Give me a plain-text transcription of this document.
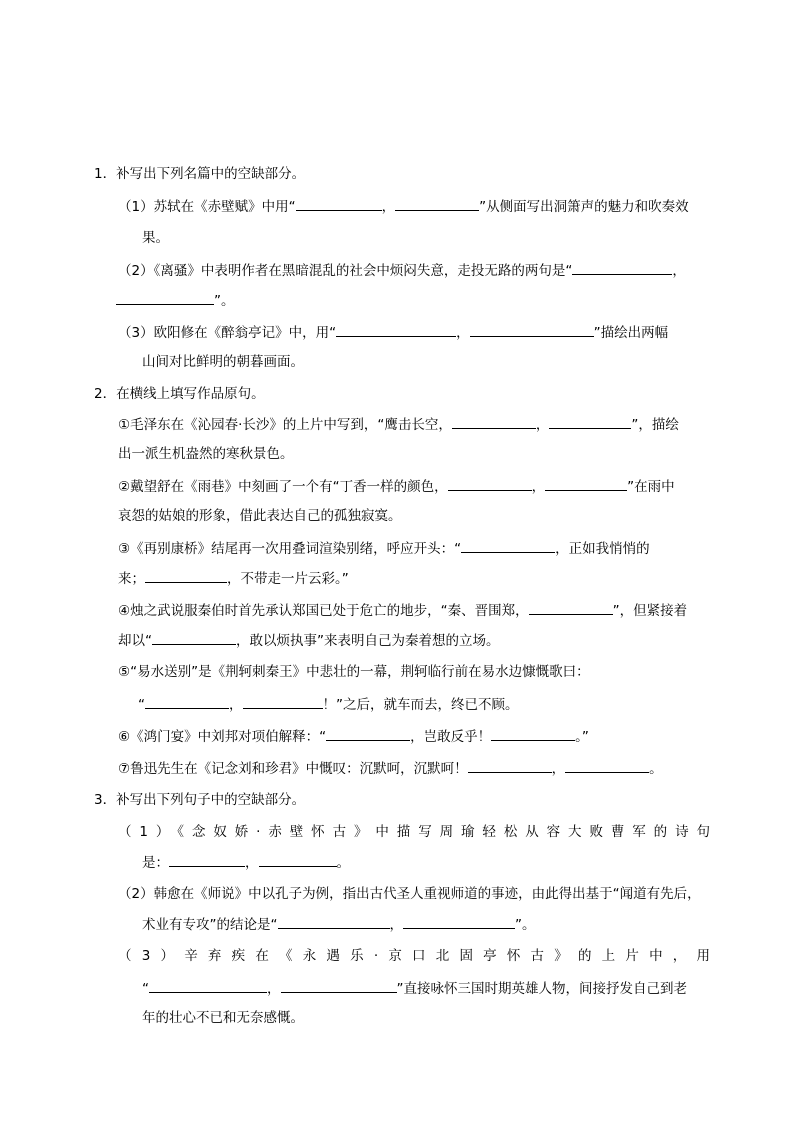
1．补写出下列名篇中的空缺部分。
（1）苏轼在《赤壁赋》中用“	，	”从侧面写出洞箫声的魅力和吹奏效
果。
（2）《离骚》中表明作者在黑暗混乱的社会中烦闷失意，走投无路的两句是“	，
”。
（3）欧阳修在《醉翁亭记》中，用“	，	”描绘出两幅
山间对比鲜明的朝暮画面。
2．在横线上填写作品原句。
①毛泽东在《沁园春·长沙》的上片中写到，“鹰击长空，	，	”，描绘
出一派生机盎然的寒秋景色。
②戴望舒在《雨巷》中刻画了一个有“丁香一样的颜色，	，	”在雨中
哀怨的姑娘的形象，借此表达自己的孤独寂寞。
③《再别康桥》结尾再一次用叠词渲染别绪，呼应开头：“	，正如我悄悄的
来；	，不带走一片云彩。”
④烛之武说服秦伯时首先承认郑国已处于危亡的地步，“秦、晋围郑，	”，但紧接着
却以“	，敢以烦执事”来表明自己为秦着想的立场。
⑤“易水送别”是《荆轲刺秦王》中悲壮的一幕，荆轲临行前在易水边慷慨歌曰：
“	，	！”之后，就车而去，终已不顾。
⑥《鸿门宴》中刘邦对项伯解释：“	，岂敢反乎！	。”
⑦鲁迅先生在《记念刘和珍君》中慨叹：沉默呵，沉默呵！	，	。
3．补写出下列句子中的空缺部分。
（1）《念奴娇·赤壁怀古》中描写周瑜轻松从容大败曹军的诗句
是：	，	。
（2）韩愈在《师说》中以孔子为例，指出古代圣人重视师道的事迹，由此得出基于“闻道有先后，
术业有专攻”的结论是“	，	”。
（3）辛弃疾在《永遇乐·京口北固亭怀古》的上片中，用
“	，	”直接咏怀三国时期英雄人物，间接抒发自己到老
年的壮心不已和无奈感慨。
